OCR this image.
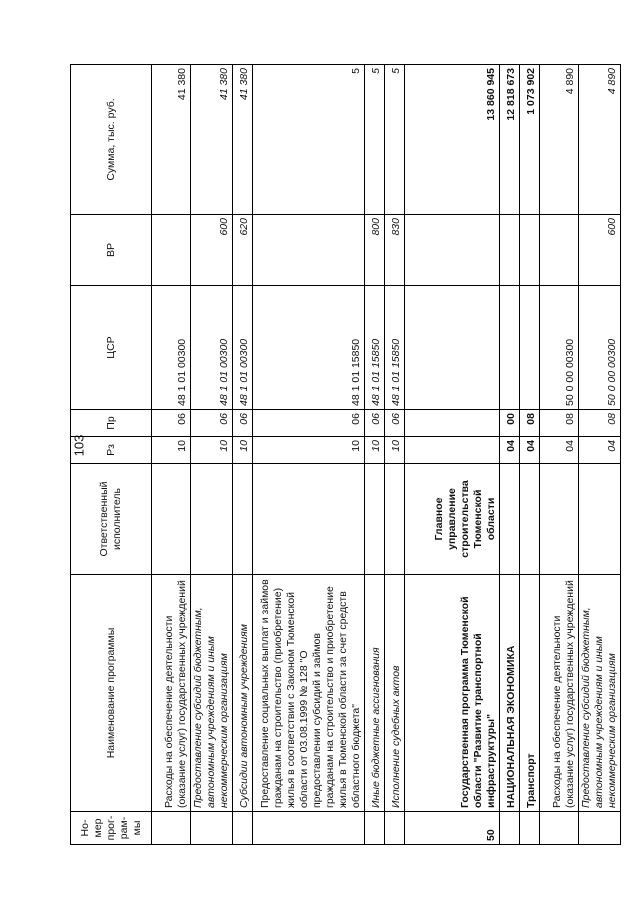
103
Но-мер прог-рам-мы	Наименование программы	Ответственный исполнитель	Рз	Пр	ЦСР	ВР	Сумма, тыс. руб.
	Расходы на обеспечение деятельности (оказание услуг) государственных учреждений		10	06	48 1 01 00300		41 380
	Предоставление субсидий бюджетным, автономным учреждениям и иным некоммерческим организациям		10	06	48 1 01 00300	600	41 380
	Субсидии автономным учреждениям		10	06	48 1 01 00300	620	41 380
	Предоставление социальных выплат и займов гражданам на строительство (приобретение) жилья в соответствии с Законом Тюменской области от 03.08.1999 № 128 "О предоставлении субсидий и займов гражданам на строительство и приобретение жилья в Тюменской области за счет средств областного бюджета"		10	06	48 1 01 15850		5
	Иные бюджетные ассигнования		10	06	48 1 01 15850	800	5
	Исполнение судебных актов		10	06	48 1 01 15850	830	5
50	Государственная программа Тюменской области "Развитие транспортной инфраструктуры"	Главное управление строительства Тюменской области					13 860 945
	НАЦИОНАЛЬНАЯ ЭКОНОМИКА		04	00			12 818 673
	Транспорт		04	08			1 073 902
	Расходы на обеспечение деятельности (оказание услуг) государственных учреждений		04	08	50 0 00 00300		4 890
	Предоставление субсидий бюджетным, автономным учреждениям и иным некоммерческим организациям		04	08	50 0 00 00300	600	4 890
